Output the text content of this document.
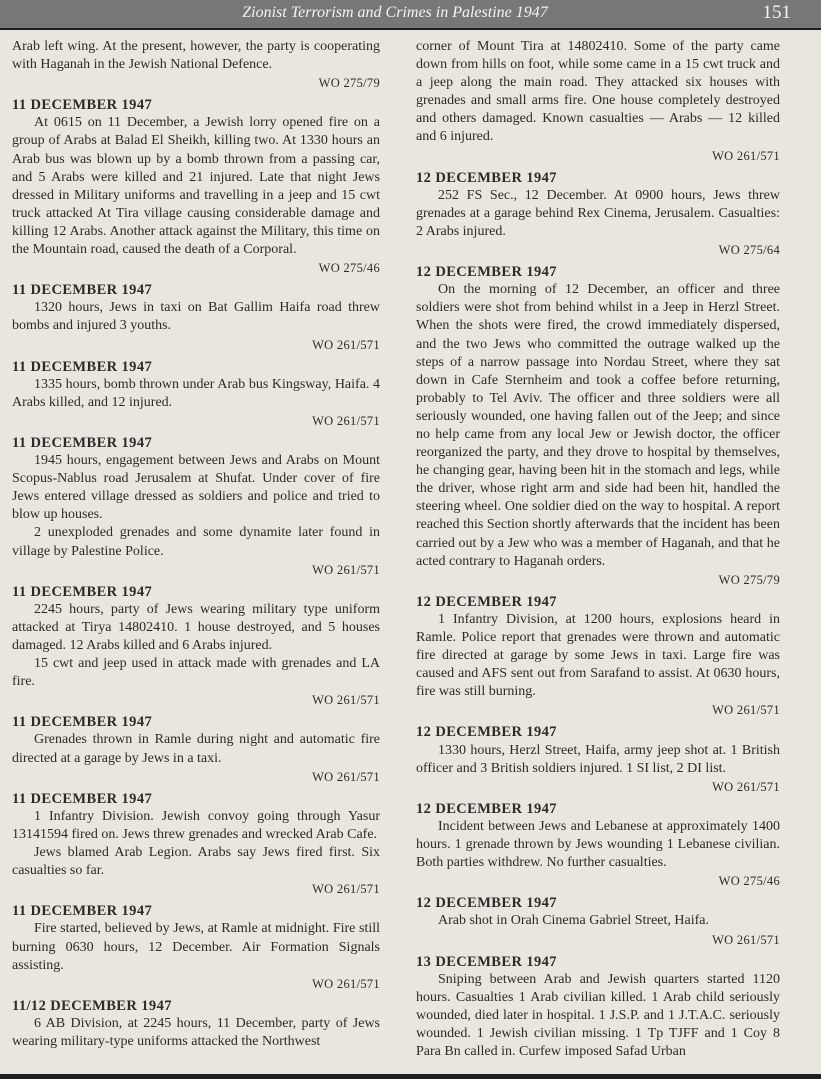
Zionist Terrorism and Crimes in Palestine 1947	151

Arab left wing. At the present, however, the party is cooperating with Haganah in the Jewish National Defence.

WO 275/79
11 DECEMBER 1947

At 0615 on 11 December, a Jewish lorry opened fire on a group of Arabs at Balad El Sheikh, killing two. At 1330 hours an Arab bus was blown up by a bomb thrown from a passing car, and 5 Arabs were killed and 21 injured. Late that night Jews dressed in Military uniforms and travelling in a jeep and 15 cwt truck attacked At Tira village causing considerable damage and killing 12 Arabs. Another attack against the Military, this time on the Mountain road, caused the death of a Corporal.

WO 275/46
11 DECEMBER 1947

1320 hours, Jews in taxi on Bat Gallim Haifa road threw bombs and injured 3 youths.

WO 261/571
11 DECEMBER 1947

1335 hours, bomb thrown under Arab bus Kingsway, Haifa. 4 Arabs killed, and 12 injured.

WO 261/571
11 DECEMBER 1947

1945 hours, engagement between Jews and Arabs on Mount Scopus-Nablus road Jerusalem at Shufat. Under cover of fire Jews entered village dressed as soldiers and police and tried to blow up houses.

2 unexploded grenades and some dynamite later found in village by Palestine Police.

WO 261/571
11 DECEMBER 1947

2245 hours, party of Jews wearing military type uniform attacked at Tirya 14802410. 1 house destroyed, and 5 houses damaged. 12 Arabs killed and 6 Arabs injured.

15 cwt and jeep used in attack made with grenades and LA fire.

WO 261/571
11 DECEMBER 1947

Grenades thrown in Ramle during night and automatic fire directed at a garage by Jews in a taxi.

WO 261/571
11 DECEMBER 1947

1 Infantry Division. Jewish convoy going through Yasur 13141594 fired on. Jews threw grenades and wrecked Arab Cafe.

Jews blamed Arab Legion. Arabs say Jews fired first. Six casualties so far.

WO 261/571
11 DECEMBER 1947

Fire started, believed by Jews, at Ramle at midnight. Fire still burning 0630 hours, 12 December. Air Formation Signals assisting.

WO 261/571
11/12 DECEMBER 1947

6 AB Division, at 2245 hours, 11 December, party of Jews wearing military-type uniforms attacked the Northwest

corner of Mount Tira at 14802410. Some of the party came down from hills on foot, while some came in a 15 cwt truck and a jeep along the main road. They attacked six houses with grenades and small arms fire. One house completely destroyed and others damaged. Known casualties — Arabs — 12 killed and 6 injured.

WO 261/571
12 DECEMBER 1947

252 FS Sec., 12 December. At 0900 hours, Jews threw grenades at a garage behind Rex Cinema, Jerusalem. Casualties: 2 Arabs injured.

WO 275/64
12 DECEMBER 1947

On the morning of 12 December, an officer and three soldiers were shot from behind whilst in a Jeep in Herzl Street. When the shots were fired, the crowd immediately dispersed, and the two Jews who committed the outrage walked up the steps of a narrow passage into Nordau Street, where they sat down in Cafe Sternheim and took a coffee before returning, probably to Tel Aviv. The officer and three soldiers were all seriously wounded, one having fallen out of the Jeep; and since no help came from any local Jew or Jewish doctor, the officer reorganized the party, and they drove to hospital by themselves, he changing gear, having been hit in the stomach and legs, while the driver, whose right arm and side had been hit, handled the steering wheel. One soldier died on the way to hospital. A report reached this Section shortly afterwards that the incident has been carried out by a Jew who was a member of Haganah, and that he acted contrary to Haganah orders.

WO 275/79
12 DECEMBER 1947

1 Infantry Division, at 1200 hours, explosions heard in Ramle. Police report that grenades were thrown and automatic fire directed at garage by some Jews in taxi. Large fire was caused and AFS sent out from Sarafand to assist. At 0630 hours, fire was still burning.

WO 261/571
12 DECEMBER 1947

1330 hours, Herzl Street, Haifa, army jeep shot at. 1 British officer and 3 British soldiers injured. 1 SI list, 2 DI list.

WO 261/571
12 DECEMBER 1947

Incident between Jews and Lebanese at approximately 1400 hours. 1 grenade thrown by Jews wounding 1 Lebanese civilian. Both parties withdrew. No further casualties.

WO 275/46
12 DECEMBER 1947

Arab shot in Orah Cinema Gabriel Street, Haifa.

WO 261/571
13 DECEMBER 1947

Sniping between Arab and Jewish quarters started 1120 hours. Casualties 1 Arab civilian killed. 1 Arab child seriously wounded, died later in hospital. 1 J.S.P. and 1 J.T.A.C. seriously wounded. 1 Jewish civilian missing. 1 Tp TJFF and 1 Coy 8 Para Bn called in. Curfew imposed Safad Urban
